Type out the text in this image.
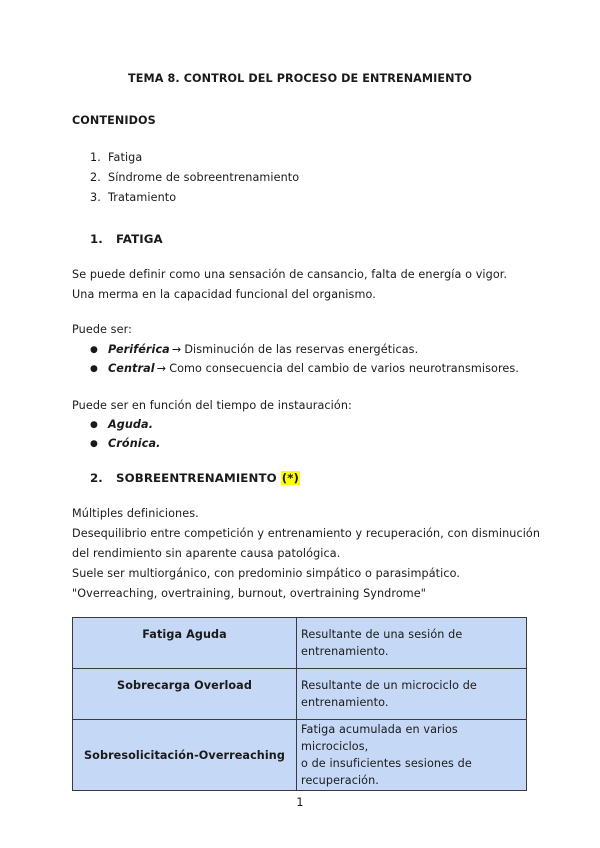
TEMA 8. CONTROL DEL PROCESO DE ENTRENAMIENTO
CONTENIDOS
1. Fatiga
2. Síndrome de sobreentrenamiento
3. Tratamiento
1.	FATIGA

Se puede definir como una sensación de cansancio, falta de energía o vigor.

Una merma en la capacidad funcional del organismo.

Puede ser:

● Periférica → Disminución de las reservas energéticas.
● Central → Como consecuencia del cambio de varios neurotransmisores.

Puede ser en función del tiempo de instauración:

● Aguda.
● Crónica.
2.	SOBREENTRENAMIENTO (*)

Múltiples definiciones.

Desequilibrio entre competición y entrenamiento y recuperación, con disminución

del rendimiento sin aparente causa patológica.

Suele ser multiorgánico, con predominio simpático o parasimpático.

"Overreaching, overtraining, burnout, overtraining Syndrome"

Fatiga Aguda	Resultante de una sesión de
entrenamiento.

Sobrecarga Overload	Resultante de un microciclo de
entrenamiento.

Sobresolicitación-Overreaching	Fatiga acumulada en varios microciclos,
o de insuficientes sesiones de
recuperación.
1
